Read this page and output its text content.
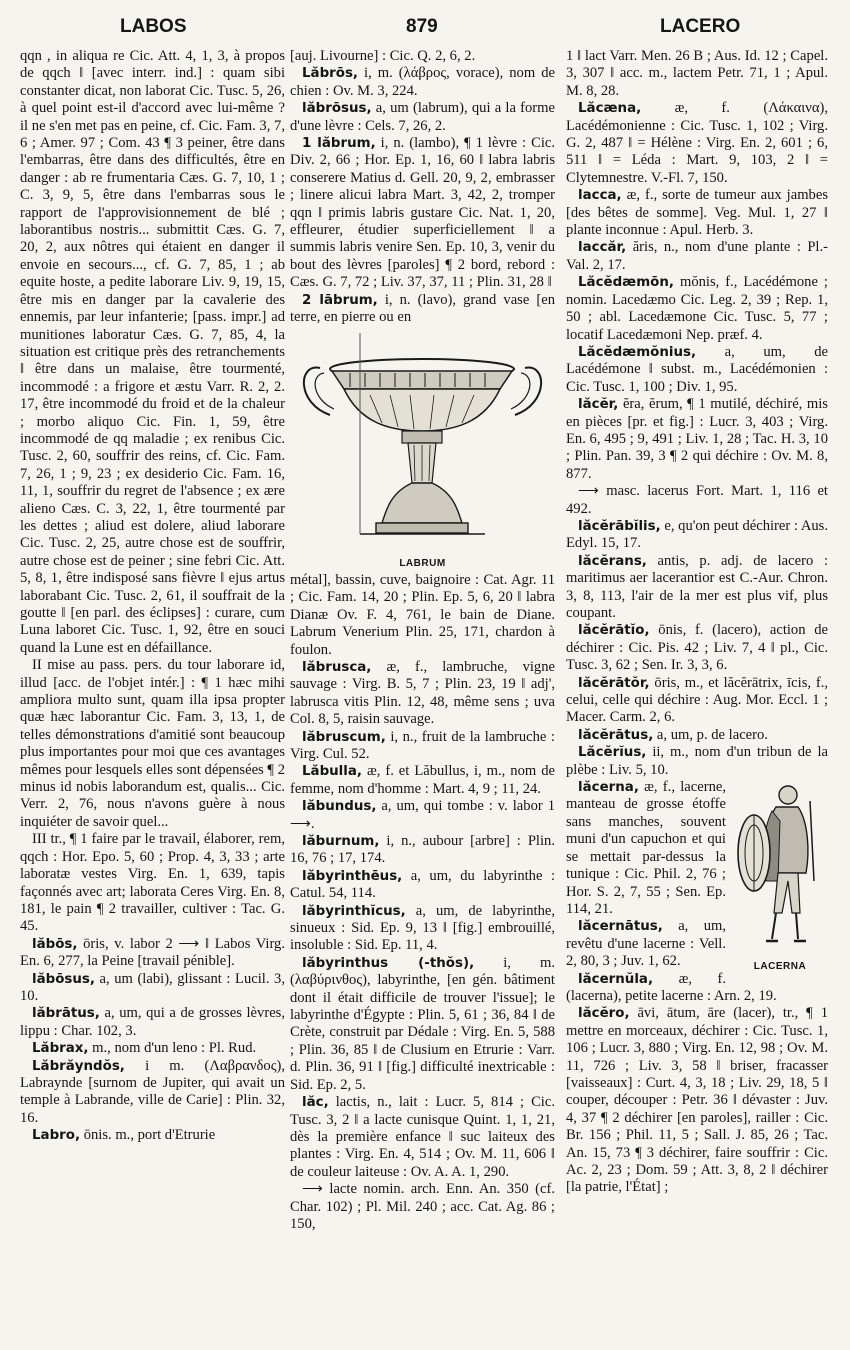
LABOS	879	LACERO

qqn , in aliqua re Cic. Att. 4, 1, 3, à propos de qqch ‖ [avec interr. ind.] : quam sibi constanter dicat, non laborat Cic. Tusc. 5, 26, à quel point est-il d'accord avec lui-même ? il ne s'en met pas en peine, cf. Cic. Fam. 3, 7, 6 ; Amer. 97 ; Com. 43 ¶ 3 peiner, être dans l'embarras, être dans des difficultés, être en danger : ab re frumentaria Cæs. G. 7, 10, 1 ; C. 3, 9, 5, être dans l'embarras sous le rapport de l'approvisionnement de blé ; laborantibus nostris... submittit Cæs. G. 7, 20, 2, aux nôtres qui étaient en danger il envoie en secours..., cf. G. 7, 85, 1 ; ab equite hoste, a pedite laborare Liv. 9, 19, 15, être mis en danger par la cavalerie des ennemis, par leur infanterie; [pass. impr.] ad munitiones laboratur Cæs. G. 7, 85, 4, la situation est critique près des retranchements ‖ être dans un malaise, être tourmenté, incommodé : a frigore et æstu Varr. R. 2, 2. 17, être incommodé du froid et de la chaleur ; morbo aliquo Cic. Fin. 1, 59, être incommodé de qq maladie ; ex renibus Cic. Tusc. 2, 60, souffrir des reins, cf. Cic. Fam. 7, 26, 1 ; 9, 23 ; ex desiderio Cic. Fam. 16, 11, 1, souffrir du regret de l'absence ; ex ære alieno Cæs. C. 3, 22, 1, être tourmenté par les dettes ; aliud est dolere, aliud laborare Cic. Tusc. 2, 25, autre chose est de souffrir, autre chose est de peiner ; sine febri Cic. Att. 5, 8, 1, être indisposé sans fièvre ‖ ejus artus laborabant Cic. Tusc. 2, 61, il souffrait de la goutte ‖ [en parl. des éclipses] : curare, cum Luna laboret Cic. Tusc. 1, 92, être en souci quand la Lune est en défaillance.

II mise au pass. pers. du tour laborare id, illud [acc. de l'objet intér.] : ¶ 1 hæc mihi ampliora multo sunt, quam illa ipsa propter quæ hæc laborantur Cic. Fam. 3, 13, 1, de telles démonstrations d'amitié sont beaucoup plus importantes pour moi que ces avantages mêmes pour lesquels elles sont dépensées ¶ 2 minus id nobis laborandum est, qualis... Cic. Verr. 2, 76, nous n'avons guère à nous inquiéter de savoir quel...

III tr., ¶ 1 faire par le travail, élaborer, rem, qqch : Hor. Epo. 5, 60 ; Prop. 4, 3, 33 ; arte laboratæ vestes Virg. En. 1, 639, tapis façonnés avec art; laborata Ceres Virg. En. 8, 181, le pain ¶ 2 travailler, cultiver : Tac. G. 45.

lăbōs, ōris, v. labor 2 ⟶ ‖ Labos Virg. En. 6, 277, la Peine [travail pénible].

lăbōsus, a, um (labi), glissant : Lucil. 3, 10.

lăbrātus, a, um, qui a de grosses lèvres, lippu : Char. 102, 3.

Lăbrax, m., nom d'un leno : Pl. Rud.

Lăbrăyndŏs, i m. (Λαβρανδος), Labraynde [surnom de Jupiter, qui avait un temple à Labrande, ville de Carie] : Plin. 32, 16.

Labro, ōnis. m., port d'Etrurie

[auj. Livourne] : Cic. Q. 2, 6, 2.

Lăbrōs, i, m. (λάβρος, vorace), nom de chien : Ov. M. 3, 224.

lăbrōsus, a, um (labrum), qui a la forme d'une lèvre : Cels. 7, 26, 2.

1 lăbrum, i, n. (lambo), ¶ 1 lèvre : Cic. Div. 2, 66 ; Hor. Ep. 1, 16, 60 ‖ labra labris conserere Matius d. Gell. 20, 9, 2, embrasser ; linere alicui labra Mart. 3, 42, 2, tromper qqn ‖ primis labris gustare Cic. Nat. 1, 20, effleurer, étudier superficiellement ‖ a summis labris venire Sen. Ep. 10, 3, venir du bout des lèvres [paroles] ¶ 2 bord, rebord : Cæs. G. 7, 72 ; Liv. 37, 37, 11 ; Plin. 31, 28 ‖

2 lābrum, i, n. (lavo), grand vase [en terre, en pierre ou en

LABRUM

métal], bassin, cuve, baignoire : Cat. Agr. 11 ; Cic. Fam. 14, 20 ; Plin. Ep. 5, 6, 20 ‖ labra Dianæ Ov. F. 4, 761, le bain de Diane. Labrum Venerium Plin. 25, 171, chardon à foulon.

lăbrusca, æ, f., lambruche, vigne sauvage : Virg. B. 5, 7 ; Plin. 23, 19 ‖ adj', labrusca vitis Plin. 12, 48, même sens ; uva Col. 8, 5, raisin sauvage.

lăbruscum, i, n., fruit de la lambruche : Virg. Cul. 52.

Lăbulla, æ, f. et Lăbullus, i, m., nom de femme, nom d'homme : Mart. 4, 9 ; 11, 24.

lăbundus, a, um, qui tombe : v. labor 1 ⟶.

lăburnum, i, n., aubour [arbre] : Plin. 16, 76 ; 17, 174.

lăbyrinthēus, a, um, du labyrinthe : Catul. 54, 114.

lăbyrinthĭcus, a, um, de labyrinthe, sinueux : Sid. Ep. 9, 13 ‖ [fig.] embrouillé, insoluble : Sid. Ep. 11, 4.

lăbyrinthus (-thŏs), i, m. (λαβύρινθος), labyrinthe, [en gén. bâtiment dont il était difficile de trouver l'issue]; le labyrinthe d'Égypte : Plin. 5, 61 ; 36, 84 ‖ de Crète, construit par Dédale : Virg. En. 5, 588 ; Plin. 36, 85 ‖ de Clusium en Etrurie : Varr. d. Plin. 36, 91 ‖ [fig.] difficulté inextricable : Sid. Ep. 2, 5.

lăc, lactis, n., lait : Lucr. 5, 814 ; Cic. Tusc. 3, 2 ‖ a lacte cunisque Quint. 1, 1, 21, dès la première enfance ‖ suc laiteux des plantes : Virg. En. 4, 514 ; Ov. M. 11, 606 ‖ de couleur laiteuse : Ov. A. A. 1, 290.

⟶ lacte nomin. arch. Enn. An. 350 (cf. Char. 102) ; Pl. Mil. 240 ; acc. Cat. Ag. 86 ; 150,

1 ‖ lact Varr. Men. 26 B ; Aus. Id. 12 ; Capel. 3, 307 ‖ acc. m., lactem Petr. 71, 1 ; Apul. M. 8, 28.

Lăcæna, æ, f. (Λάκαινα), Lacédémonienne : Cic. Tusc. 1, 102 ; Virg. G. 2, 487 ‖ = Hélène : Virg. En. 2, 601 ; 6, 511 ‖ = Léda : Mart. 9, 103, 2 ‖ = Clytemnestre. V.-Fl. 7, 150.

lacca, æ, f., sorte de tumeur aux jambes [des bêtes de somme]. Veg. Mul. 1, 27 ‖ plante inconnue : Apul. Herb. 3.

laccăr, ăris, n., nom d'une plante : Pl.-Val. 2, 17.

Lăcĕdæmōn, mŏnis, f., Lacédémone ; nomin. Lacedæmo Cic. Leg. 2, 39 ; Rep. 1, 50 ; abl. Lacedæmone Cic. Tusc. 5, 77 ; locatif Lacedæmoni Nep. præf. 4.

Lăcĕdæmŏnius, a, um, de Lacédémone ‖ subst. m., Lacédémonien : Cic. Tusc. 1, 100 ; Div. 1, 95.

lăcĕr, ĕra, ĕrum, ¶ 1 mutilé, déchiré, mis en pièces [pr. et fig.] : Lucr. 3, 403 ; Virg. En. 6, 495 ; 9, 491 ; Liv. 1, 28 ; Tac. H. 3, 10 ; Plin. Pan. 39, 3 ¶ 2 qui déchire : Ov. M. 8, 877.

⟶ masc. lacerus Fort. Mart. 1, 116 et 492.

lăcĕrābĭlis, e, qu'on peut déchirer : Aus. Edyl. 15, 17.

lăcĕrans, antis, p. adj. de lacero : maritimus aer lacerantior est C.-Aur. Chron. 3, 8, 113, l'air de la mer est plus vif, plus coupant.

lăcĕrātĭo, ōnis, f. (lacero), action de déchirer : Cic. Pis. 42 ; Liv. 7, 4 ‖ pl., Cic. Tusc. 3, 62 ; Sen. Ir. 3, 3, 6.

lăcĕrātŏr, ōris, m., et lăcĕrātrix, īcis, f., celui, celle qui déchire : Aug. Mor. Eccl. 1 ; Macer. Carm. 2, 6.

lăcĕrātus, a, um, p. de lacero.

Lăcĕrĭus, ii, m., nom d'un tribun de la plèbe : Liv. 5, 10.

LACERNA

lăcerna, æ, f., lacerne, manteau de grosse étoffe sans manches, souvent muni d'un capuchon et qui se mettait par-dessus la tunique : Cic. Phil. 2, 76 ; Hor. S. 2, 7, 55 ; Sen. Ep. 114, 21.

lăcernātus, a, um, revêtu d'une lacerne : Vell. 2, 80, 3 ; Juv. 1, 62.

lăcernŭla, æ, f. (lacerna), petite lacerne : Arn. 2, 19.

lăcĕro, āvi, ātum, āre (lacer), tr., ¶ 1 mettre en morceaux, déchirer : Cic. Tusc. 1, 106 ; Lucr. 3, 880 ; Virg. En. 12, 98 ; Ov. M. 11, 726 ; Liv. 3, 58 ‖ briser, fracasser [vaisseaux] : Curt. 4, 3, 18 ; Liv. 29, 18, 5 ‖ couper, découper : Petr. 36 ‖ dévaster : Juv. 4, 37 ¶ 2 déchirer [en paroles], railler : Cic. Br. 156 ; Phil. 11, 5 ; Sall. J. 85, 26 ; Tac. An. 15, 73 ¶ 3 déchirer, faire souffrir : Cic. Ac. 2, 23 ; Dom. 59 ; Att. 3, 8, 2 ‖ déchirer [la patrie, l'État] ;
